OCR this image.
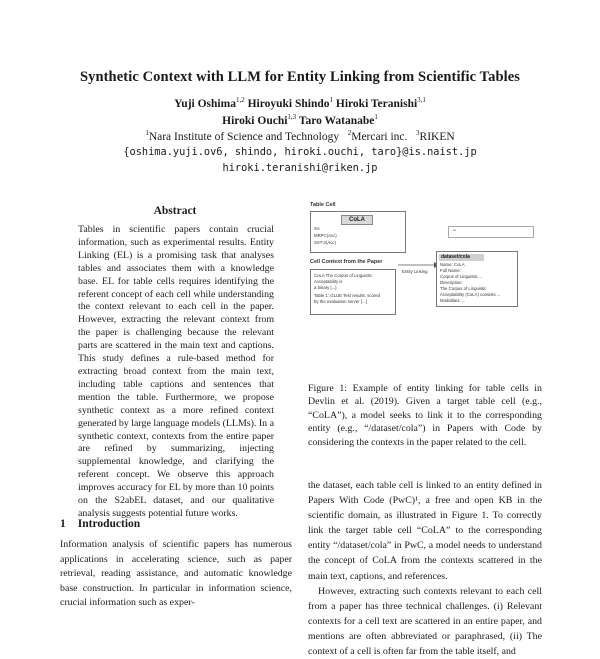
Synthetic Context with LLM for Entity Linking from Scientific Tables
Yuji Oshima$^{1,2}$ Hiroyuki Shindo$^1$ Hiroki Teranishi$^{3,1}$
Hiroki Ouchi$^{1,3}$ Taro Watanabe$^1$
$^1$Nara Institute of Science and Technology $^2$Mercari inc. $^3$RIKEN
{oshima.yuji.ov6, shindo, hiroki.ouchi, taro}@is.naist.jp
hiroki.teranishi@riken.jp
Abstract
Tables in scientific papers contain crucial information, such as experimental results. Entity Linking (EL) is a promising task that analyses tables and associates them with a knowledge base. EL for table cells requires identifying the referent concept of each cell while understanding the context relevant to each cell in the paper. However, extracting the relevant context from the paper is challenging because the relevant parts are scattered in the main text and captions. This study defines a rule-based method for extracting broad context from the main text, including table captions and sentences that mention the table. Furthermore, we propose synthetic context as a more refined context generated by large language models (LLMs). In a synthetic context, contexts from the entire paper are refined by summarizing, injecting supplemental knowledge, and clarifying the referent concept. We observe this approach improves accuracy for EL by more than 10 points on the S2abEL dataset, and our qualitative analysis suggests potential future works.
1 Introduction
Information analysis of scientific papers has numerous applications in accelerating science, such as paper retrieval, reading assistance, and automatic knowledge base construction. In particular in information science, crucial information such as exper-
Table Cell
CoLA
SA
MRPC(Acc)
SST-2(Acc)
Cell Context from the Paper
CoLA The Corpus of Linguistic
Acceptability is
a binary [...]
Table 1: GLUE Test results, scored
by the evaluation server [...]
Entity Linking
≡
dataset/cola
Name: CoLA
Full Name:
Corpus of Linguistic ...
Description:
The Corpus of Linguistic
Acceptability (CoLA) consists ...
Modalities: ...
Figure 1: Example of entity linking for table cells in Devlin et al. (2019). Given a target table cell (e.g., “CoLA”), a model seeks to link it to the corresponding entity (e.g., “/dataset/cola”) in Papers with Code by considering the contexts in the paper related to the cell.
the dataset, each table cell is linked to an entity defined in Papers With Code (PwC)¹, a free and open KB in the scientific domain, as illustrated in Figure 1. To correctly link the target table cell “CoLA” to the corresponding entity “/dataset/cola” in PwC, a model needs to understand the concept of CoLA from the contexts scattered in the main text, captions, and references.
However, extracting such contexts relevant to each cell from a paper has three technical challenges. (i) Relevant contexts for a cell text are scattered in an entire paper, and mentions are often abbreviated or paraphrased, (ii) The context of a cell is often far from the table itself, and
